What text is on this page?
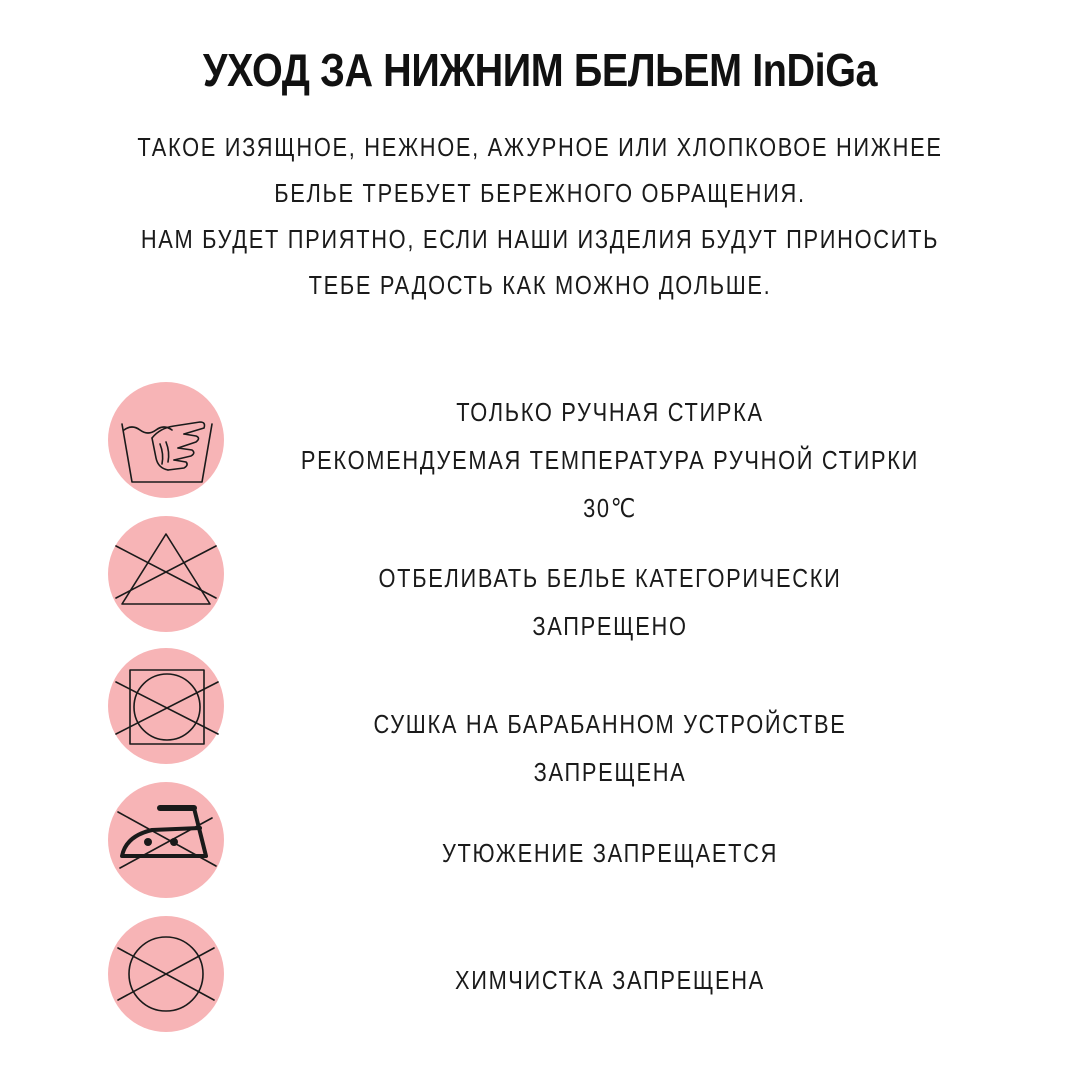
УХОД ЗА НИЖНИМ БЕЛЬЕМ InDiGa
ТАКОЕ ИЗЯЩНОЕ, НЕЖНОЕ, АЖУРНОЕ ИЛИ ХЛОПКОВОЕ НИЖНЕЕ
БЕЛЬЕ ТРЕБУЕТ БЕРЕЖНОГО ОБРАЩЕНИЯ.
НАМ БУДЕТ ПРИЯТНО, ЕСЛИ НАШИ ИЗДЕЛИЯ БУДУТ ПРИНОСИТЬ
ТЕБЕ РАДОСТЬ КАК МОЖНО ДОЛЬШЕ.
ТОЛЬКО РУЧНАЯ СТИРКА
РЕКОМЕНДУЕМАЯ ТЕМПЕРАТУРА РУЧНОЙ СТИРКИ
30℃
ОТБЕЛИВАТЬ БЕЛЬЕ КАТЕГОРИЧЕСКИ
ЗАПРЕЩЕНО
СУШКА НА БАРАБАННОМ УСТРОЙСТВЕ
ЗАПРЕЩЕНА
УТЮЖЕНИЕ ЗАПРЕЩАЕТСЯ
ХИМЧИСТКА ЗАПРЕЩЕНА
